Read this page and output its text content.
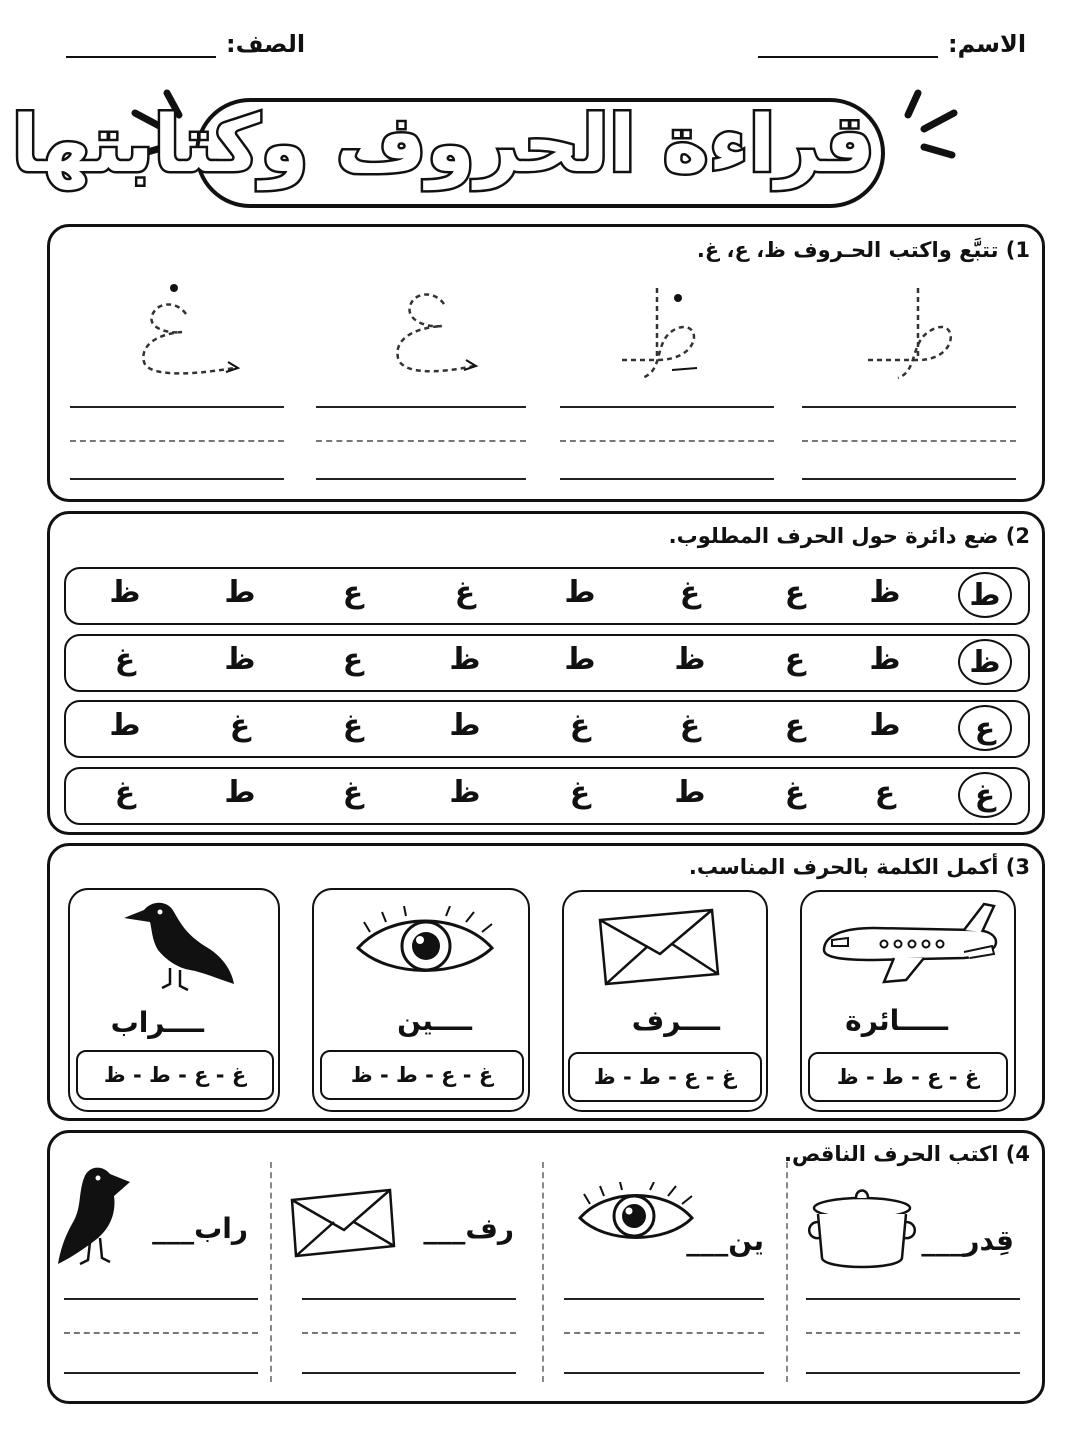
الاسم:
الصف:
قراءة الحروف وكتابتها
1) تتبَّع واكتب الحـروف ظ، ع، غ.
2) ضع دائرة حول الحرف المطلوب.
ط
ظ
ع
غ
ط
غ
ع
ط
ظ
ظ
ظ
ع
ظ
ط
ظ
ع
ظ
غ
ع
ط
ع
غ
غ
ط
غ
غ
ط
غ
ع
غ
ط
غ
ظ
غ
ط
غ
3) أكمل الكلمة بالحرف المناسب.
ـــــائرة
غ - ع - ط - ظ
ــــرف
غ - ع - ط - ظ
ــــين
غ - ع - ط - ظ
ــــراب
غ - ع - ط - ظ
4) اكتب الحرف الناقص.
قِدر___
ين___
رف___
راب___
